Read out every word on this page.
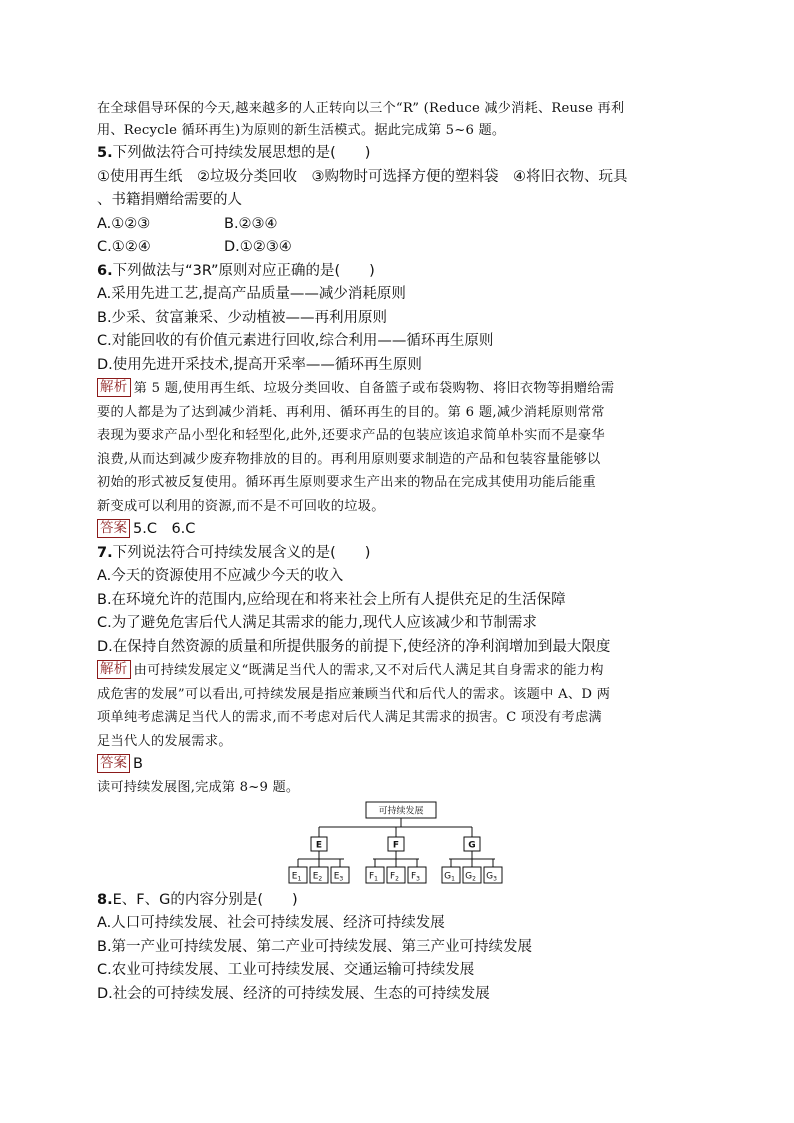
在全球倡导环保的今天,越来越多的人正转向以三个“R” (Reduce 减少消耗、Reuse 再利
用、Recycle 循环再生)为原则的新生活模式。据此完成第 5~6 题。
5.下列做法符合可持续发展思想的是(　　)
①使用再生纸　②垃圾分类回收　③购物时可选择方便的塑料袋　④将旧衣物、玩具
、书籍捐赠给需要的人
A.①②③	B.②③④
C.①②④	D.①②③④
6.下列做法与“3R”原则对应正确的是(　　)
A.采用先进工艺,提高产品质量——减少消耗原则
B.少采、贫富兼采、少动植被——再利用原则
C.对能回收的有价值元素进行回收,综合利用——循环再生原则
D.使用先进开采技术,提高开采率——循环再生原则
解析 第 5 题,使用再生纸、垃圾分类回收、自备篮子或布袋购物、将旧衣物等捐赠给需
要的人都是为了达到减少消耗、再利用、循环再生的目的。第 6 题,减少消耗原则常常
表现为要求产品小型化和轻型化,此外,还要求产品的包装应该追求简单朴实而不是豪华
浪费,从而达到减少废弃物排放的目的。再利用原则要求制造的产品和包装容量能够以
初始的形式被反复使用。循环再生原则要求生产出来的物品在完成其使用功能后能重
新变成可以利用的资源,而不是不可回收的垃圾。
答案 5.C　6.C
7.下列说法符合可持续发展含义的是(　　)
A.今天的资源使用不应减少今天的收入
B.在环境允许的范围内,应给现在和将来社会上所有人提供充足的生活保障
C.为了避免危害后代人满足其需求的能力,现代人应该减少和节制需求
D.在保持自然资源的质量和所提供服务的前提下,使经济的净利润增加到最大限度
解析 由可持续发展定义“既满足当代人的需求,又不对后代人满足其自身需求的能力构
成危害的发展”可以看出,可持续发展是指应兼顾当代和后代人的需求。该题中 A、D 两
项单纯考虑满足当代人的需求,而不考虑对后代人满足其需求的损害。C 项没有考虑满
足当代人的发展需求。
答案 B
读可持续发展图,完成第 8~9 题。
可持续发展
E	F	G
$E_1$ $E_2$ $E_3$	$F_1$ $F_2$ $F_3$	$G_1$ $G_2$ $G_3$
8.E、F、G的内容分别是(　　)
A.人口可持续发展、社会可持续发展、经济可持续发展
B.第一产业可持续发展、第二产业可持续发展、第三产业可持续发展
C.农业可持续发展、工业可持续发展、交通运输可持续发展
D.社会的可持续发展、经济的可持续发展、生态的可持续发展
